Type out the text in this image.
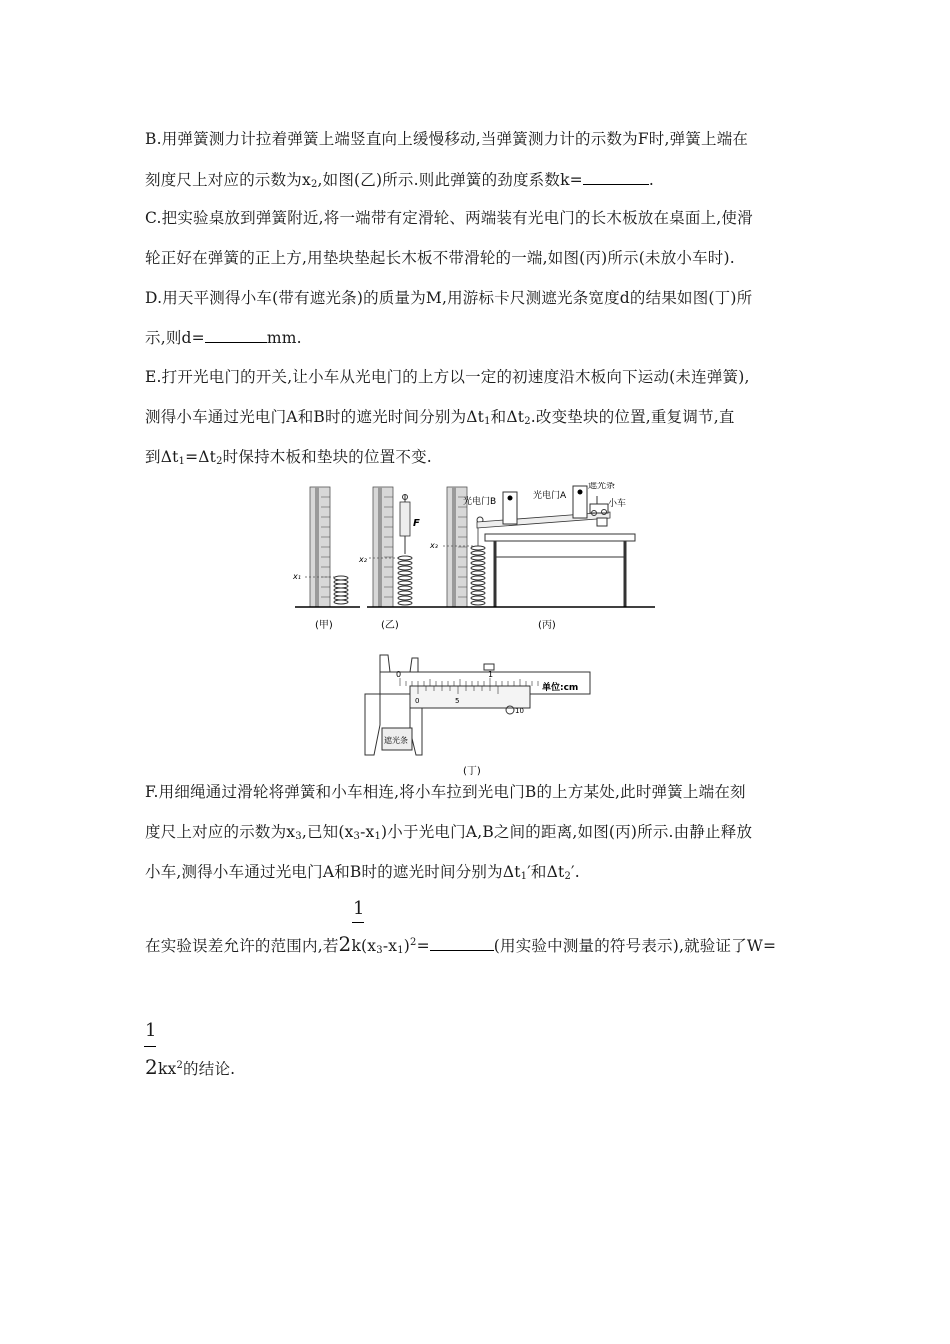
B.用弹簧测力计拉着弹簧上端竖直向上缓慢移动,当弹簧测力计的示数为F时,弹簧上端在
刻度尺上对应的示数为$x_2$,如图(乙)所示.则此弹簧的劲度系数k=	.
C.把实验桌放到弹簧附近,将一端带有定滑轮、两端装有光电门的长木板放在桌面上,使滑
轮正好在弹簧的正上方,用垫块垫起长木板不带滑轮的一端,如图(丙)所示(未放小车时).
D.用天平测得小车(带有遮光条)的质量为M,用游标卡尺测遮光条宽度d的结果如图(丁)所
示,则d=	mm.
E.打开光电门的开关,让小车从光电门的上方以一定的初速度沿木板向下运动(未连弹簧),
测得小车通过光电门A和B时的遮光时间分别为$\Delta t_1$和$\Delta t_2$.改变垫块的位置,重复调节,直
到$\Delta t_1=\Delta t_2$时保持木板和垫块的位置不变.
x₁
(甲)
x₂
F
(乙)
x₃
光电门B
光电门A
遮光条
小车
(丙)
遮光条
0	1
0	5
10
单位:cm
(丁)
F.用细绳通过滑轮将弹簧和小车相连,将小车拉到光电门B的上方某处,此时弹簧上端在刻
度尺上对应的示数为$x_3$,已知$(x_3-x_1)$小于光电门A,B之间的距离,如图(丙)所示.由静止释放
小车,测得小车通过光电门A和B时的遮光时间分别为$\Delta t_1'$和$\Delta t_2'$.
1
在实验误差允许的范围内,若$2k(x_3-x_1)^2=$	(用实验中测量的符号表示),就验证了W=
1
$2kx^2$的结论.
